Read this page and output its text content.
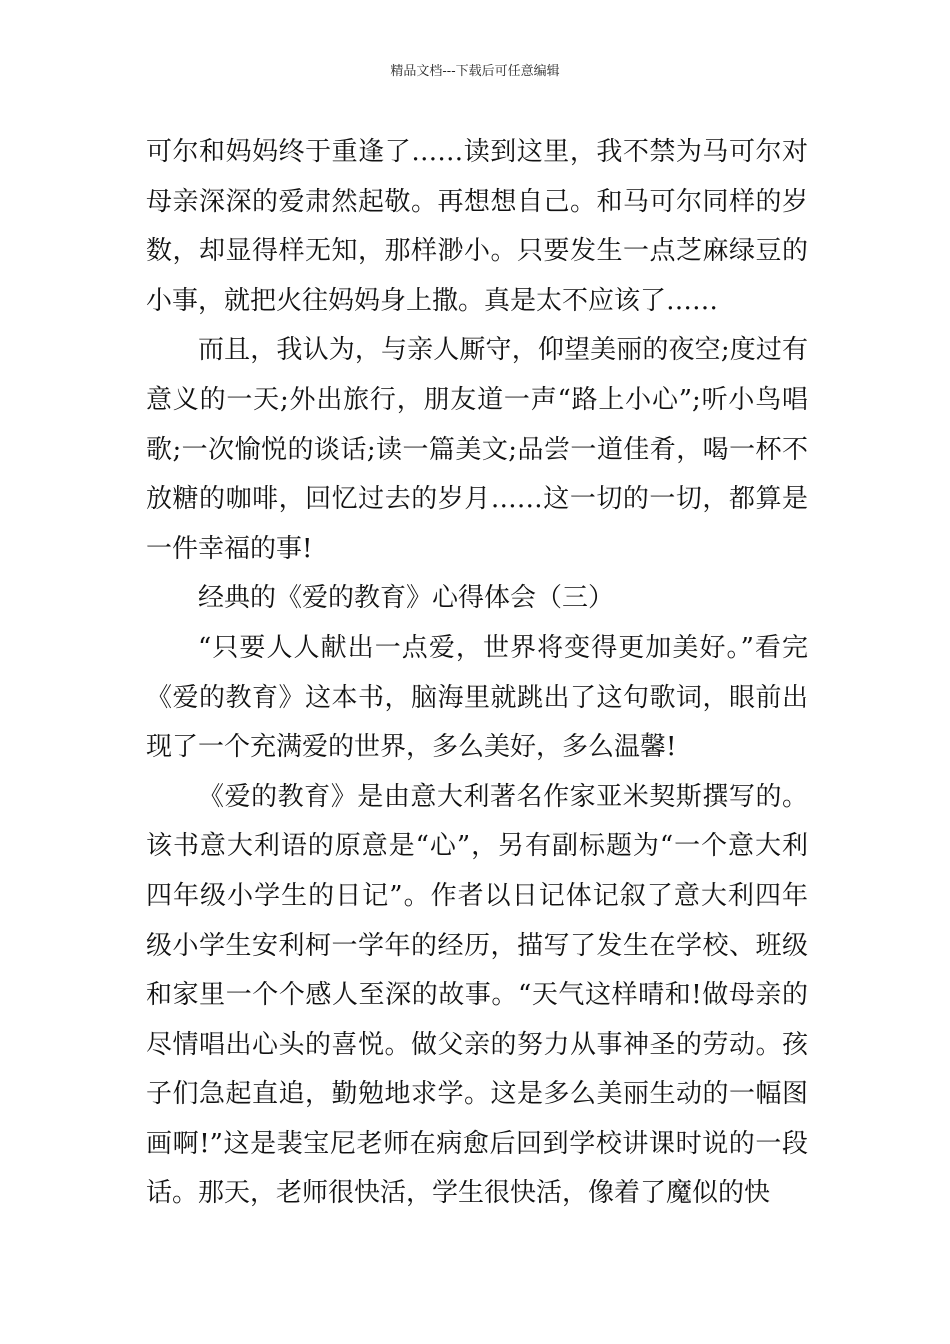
精品文档---下载后可任意编辑

可尔和妈妈终于重逢了……读到这里，我不禁为马可尔对母亲深深的爱肃然起敬。再想想自己。和马可尔同样的岁数，却显得样无知，那样渺小。只要发生一点芝麻绿豆的小事，就把火往妈妈身上撒。真是太不应该了……

而且，我认为，与亲人厮守，仰望美丽的夜空;度过有意义的一天;外出旅行，朋友道一声“路上小心”;听小鸟唱歌;一次愉悦的谈话;读一篇美文;品尝一道佳肴，喝一杯不放糖的咖啡，回忆过去的岁月……这一切的一切，都算是一件幸福的事!

经典的《爱的教育》心得体会（三）

“只要人人献出一点爱，世界将变得更加美好。”看完《爱的教育》这本书，脑海里就跳出了这句歌词，眼前出现了一个充满爱的世界，多么美好，多么温馨!

《爱的教育》是由意大利著名作家亚米契斯撰写的。该书意大利语的原意是“心”，另有副标题为“一个意大利四年级小学生的日记”。作者以日记体记叙了意大利四年级小学生安利柯一学年的经历，描写了发生在学校、班级和家里一个个感人至深的故事。“天气这样晴和!做母亲的尽情唱出心头的喜悦。做父亲的努力从事神圣的劳动。孩子们急起直追，勤勉地求学。这是多么美丽生动的一幅图画啊!”这是裴宝尼老师在病愈后回到学校讲课时说的一段话。那天，老师很快活，学生很快活，像着了魔似的快
